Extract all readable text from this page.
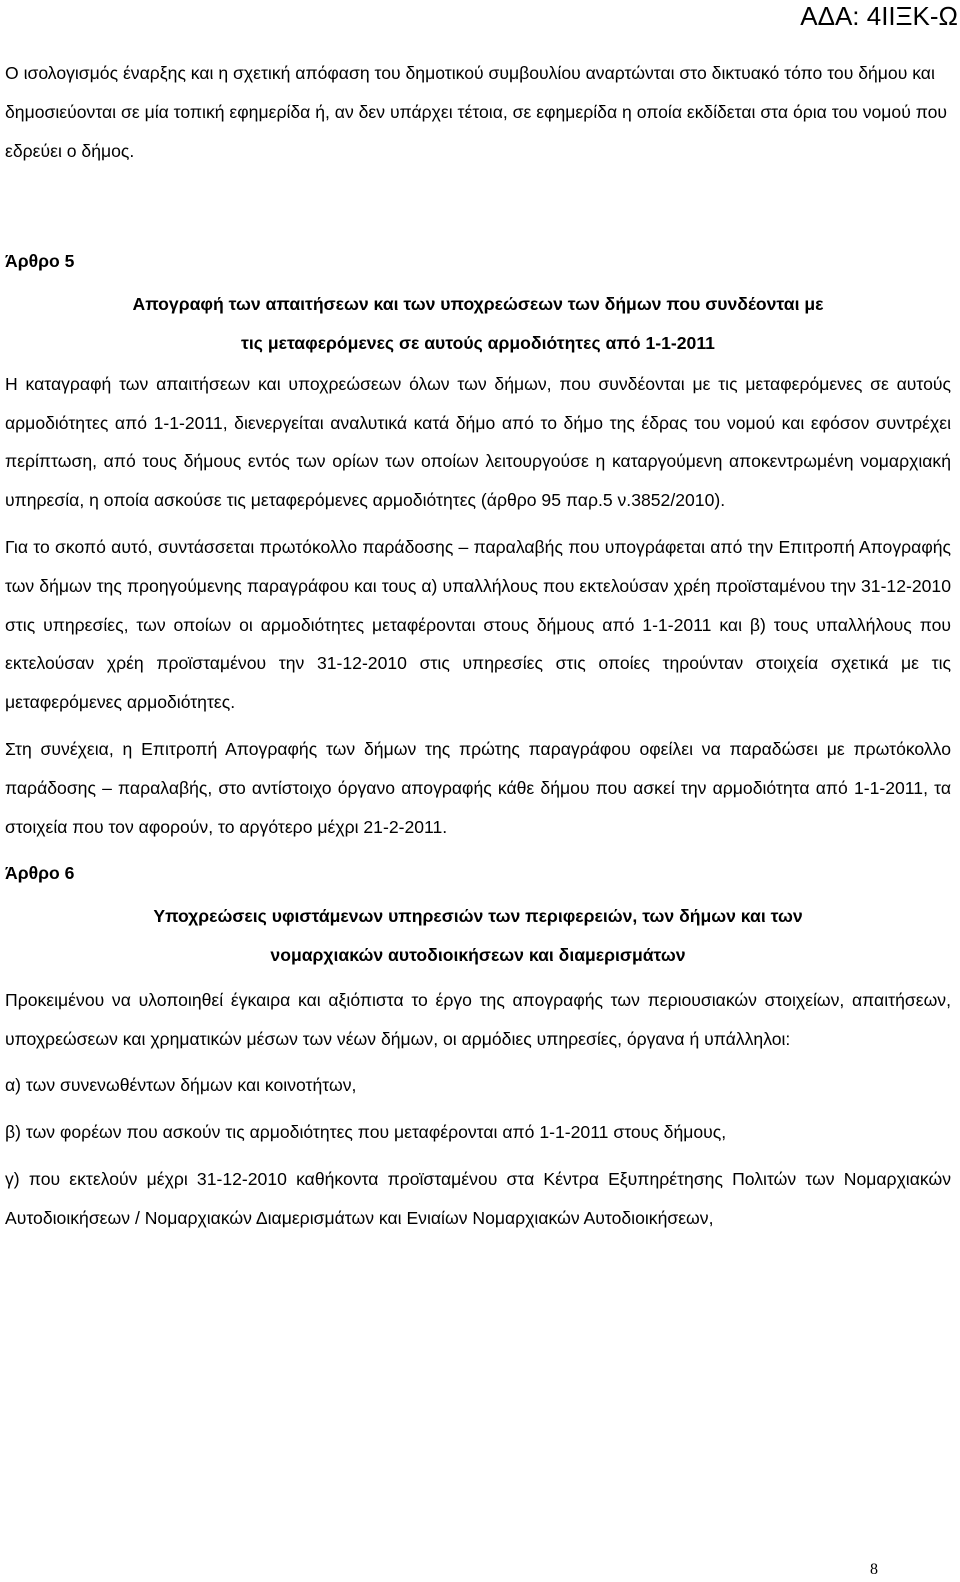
ΑΔΑ: 4ΙΙΞΚ-Ω

Ο ισολογισμός έναρξης και η σχετική απόφαση του δημοτικού συμβουλίου αναρτώνται στο δικτυακό τόπο του δήμου και δημοσιεύονται σε μία τοπική εφημερίδα ή, αν δεν υπάρχει τέτοια, σε εφημερίδα η οποία εκδίδεται στα όρια του νομού που εδρεύει ο δήμος.

Άρθρο 5

Απογραφή των απαιτήσεων και των υποχρεώσεων των δήμων που συνδέονται με
τις μεταφερόμενες σε αυτούς αρμοδιότητες από 1-1-2011

Η καταγραφή των απαιτήσεων και υποχρεώσεων όλων των δήμων, που συνδέονται με τις μεταφερόμενες σε αυτούς αρμοδιότητες από 1-1-2011, διενεργείται αναλυτικά κατά δήμο από το δήμο της έδρας του νομού και εφόσον συντρέχει περίπτωση, από τους δήμους εντός των ορίων των οποίων λειτουργούσε η καταργούμενη αποκεντρωμένη νομαρχιακή υπηρεσία, η οποία ασκούσε τις μεταφερόμενες αρμοδιότητες (άρθρο 95 παρ.5 ν.3852/2010).

Για το σκοπό αυτό, συντάσσεται πρωτόκολλο παράδοσης – παραλαβής που υπογράφεται από την Επιτροπή Απογραφής των δήμων της προηγούμενης παραγράφου και τους α) υπαλλήλους που εκτελούσαν χρέη προϊσταμένου την 31-12-2010 στις υπηρεσίες, των οποίων οι αρμοδιότητες μεταφέρονται στους δήμους από 1-1-2011 και β) τους υπαλλήλους που εκτελούσαν χρέη προϊσταμένου την 31-12-2010 στις υπηρεσίες στις οποίες τηρούνταν στοιχεία σχετικά με τις μεταφερόμενες αρμοδιότητες.

Στη συνέχεια, η Επιτροπή Απογραφής των δήμων της πρώτης παραγράφου οφείλει να παραδώσει με πρωτόκολλο παράδοσης – παραλαβής, στο αντίστοιχο όργανο απογραφής κάθε δήμου που ασκεί την αρμοδιότητα από 1-1-2011, τα στοιχεία που τον αφορούν, το αργότερο μέχρι 21-2-2011.

Άρθρο 6

Υποχρεώσεις υφιστάμενων υπηρεσιών των περιφερειών, των δήμων και των
νομαρχιακών αυτοδιοικήσεων και διαμερισμάτων

Προκειμένου να υλοποιηθεί έγκαιρα και αξιόπιστα το έργο της απογραφής των περιουσιακών στοιχείων, απαιτήσεων, υποχρεώσεων και χρηματικών μέσων των νέων δήμων, οι αρμόδιες υπηρεσίες, όργανα ή υπάλληλοι:

α) των συνενωθέντων δήμων και κοινοτήτων,

β) των φορέων που ασκούν τις αρμοδιότητες που μεταφέρονται από 1-1-2011 στους δήμους,

γ) που εκτελούν μέχρι 31-12-2010 καθήκοντα προϊσταμένου στα Κέντρα Εξυπηρέτησης Πολιτών των Νομαρχιακών Αυτοδιοικήσεων / Νομαρχιακών Διαμερισμάτων και Ενιαίων Νομαρχιακών Αυτοδιοικήσεων,

8
